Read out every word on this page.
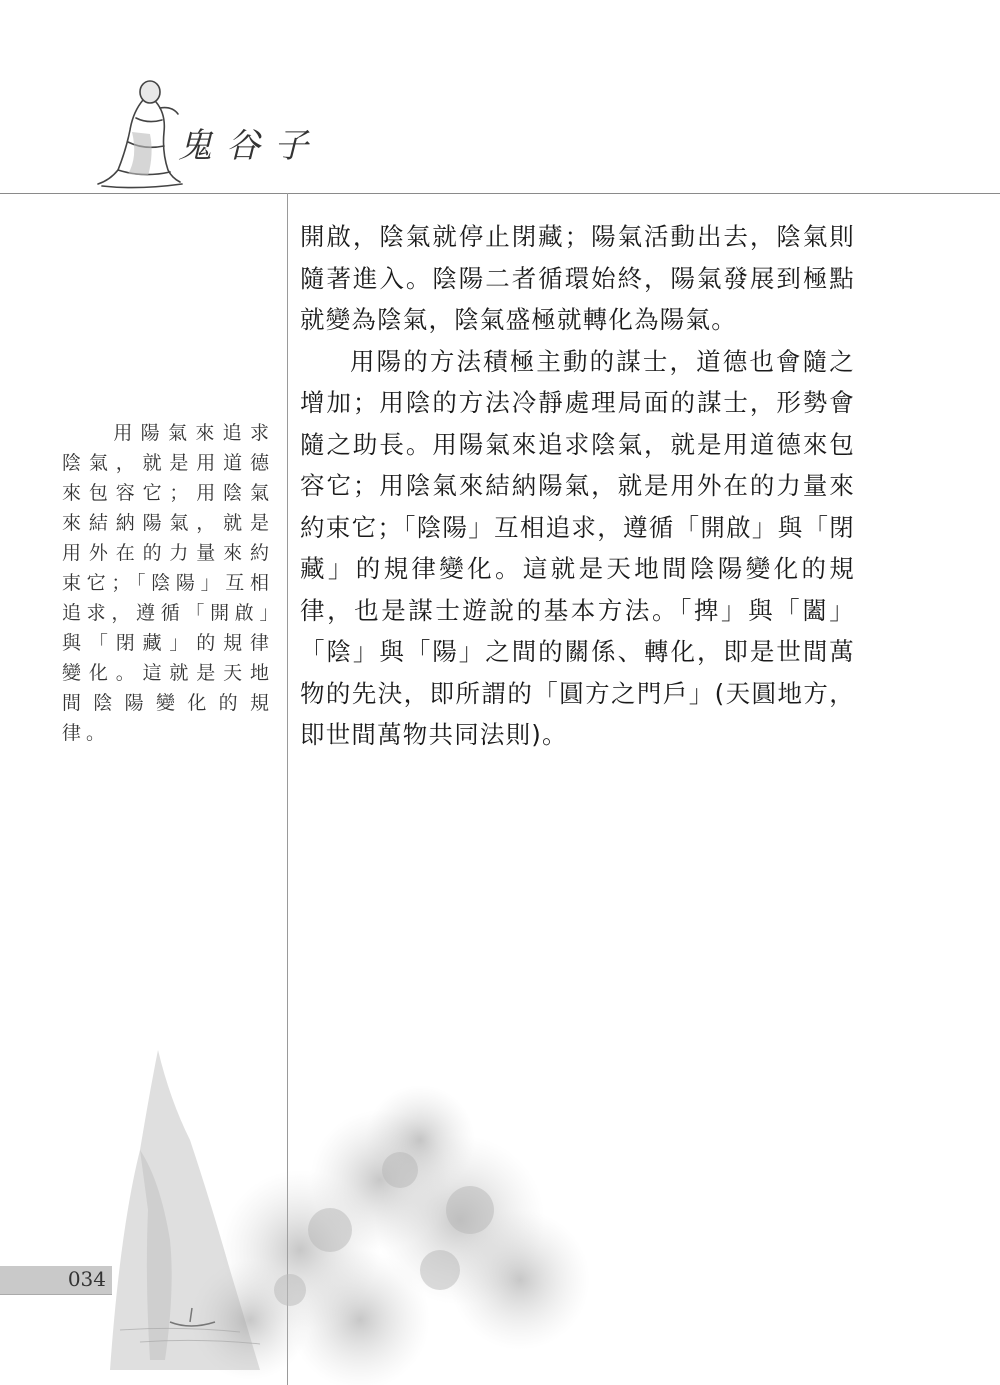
鬼谷子
用陽氣來追求陰氣，就是用道德來包容它；用陰氣來結納陽氣，就是用外在的力量來約束它；「陰陽」互相追求，遵循「開啟」與「閉藏」的規律變化。這就是天地間陰陽變化的規律。

開啟，陰氣就停止閉藏；陽氣活動出去，陰氣則隨著進入。陰陽二者循環始終，陽氣發展到極點就變為陰氣，陰氣盛極就轉化為陽氣。

用陽的方法積極主動的謀士，道德也會隨之增加；用陰的方法冷靜處理局面的謀士，形勢會隨之助長。用陽氣來追求陰氣，就是用道德來包容它；用陰氣來結納陽氣，就是用外在的力量來約束它；「陰陽」互相追求，遵循「開啟」與「閉藏」的規律變化。這就是天地間陰陽變化的規律，也是謀士遊說的基本方法。「捭」與「闔」「陰」與「陽」之間的關係、轉化，即是世間萬物的先決，即所謂的「圓方之門戶」(天圓地方，即世間萬物共同法則)。

034
